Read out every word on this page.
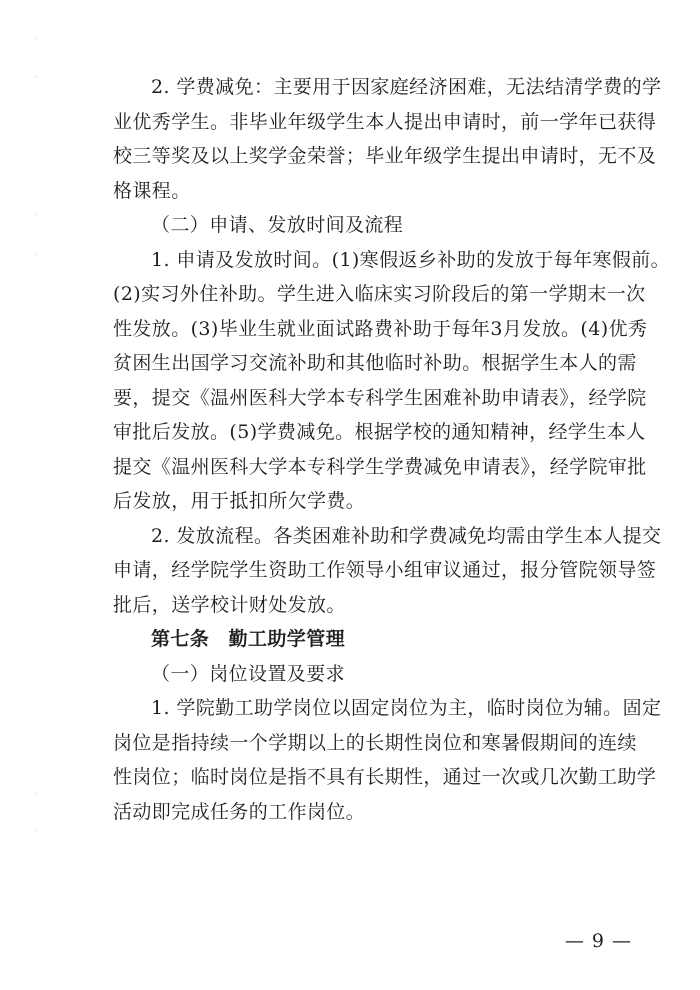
·
·
·
·
·
·

2. 学费减免：主要用于因家庭经济困难，无法结清学费的学
业优秀学生。非毕业年级学生本人提出申请时，前一学年已获得
校三等奖及以上奖学金荣誉；毕业年级学生提出申请时，无不及
格课程。

（二）申请、发放时间及流程

1. 申请及发放时间。(1)寒假返乡补助的发放于每年寒假前。
(2)实习外住补助。学生进入临床实习阶段后的第一学期末一次
性发放。(3)毕业生就业面试路费补助于每年3月发放。(4)优秀
贫困生出国学习交流补助和其他临时补助。根据学生本人的需
要，提交《温州医科大学本专科学生困难补助申请表》，经学院
审批后发放。(5)学费减免。根据学校的通知精神，经学生本人
提交《温州医科大学本专科学生学费减免申请表》，经学院审批
后发放，用于抵扣所欠学费。

2. 发放流程。各类困难补助和学费减免均需由学生本人提交
申请，经学院学生资助工作领导小组审议通过，报分管院领导签
批后，送学校计财处发放。

第七条　勤工助学管理

（一）岗位设置及要求

1. 学院勤工助学岗位以固定岗位为主，临时岗位为辅。固定
岗位是指持续一个学期以上的长期性岗位和寒暑假期间的连续
性岗位；临时岗位是指不具有长期性，通过一次或几次勤工助学
活动即完成任务的工作岗位。

— 9 —
